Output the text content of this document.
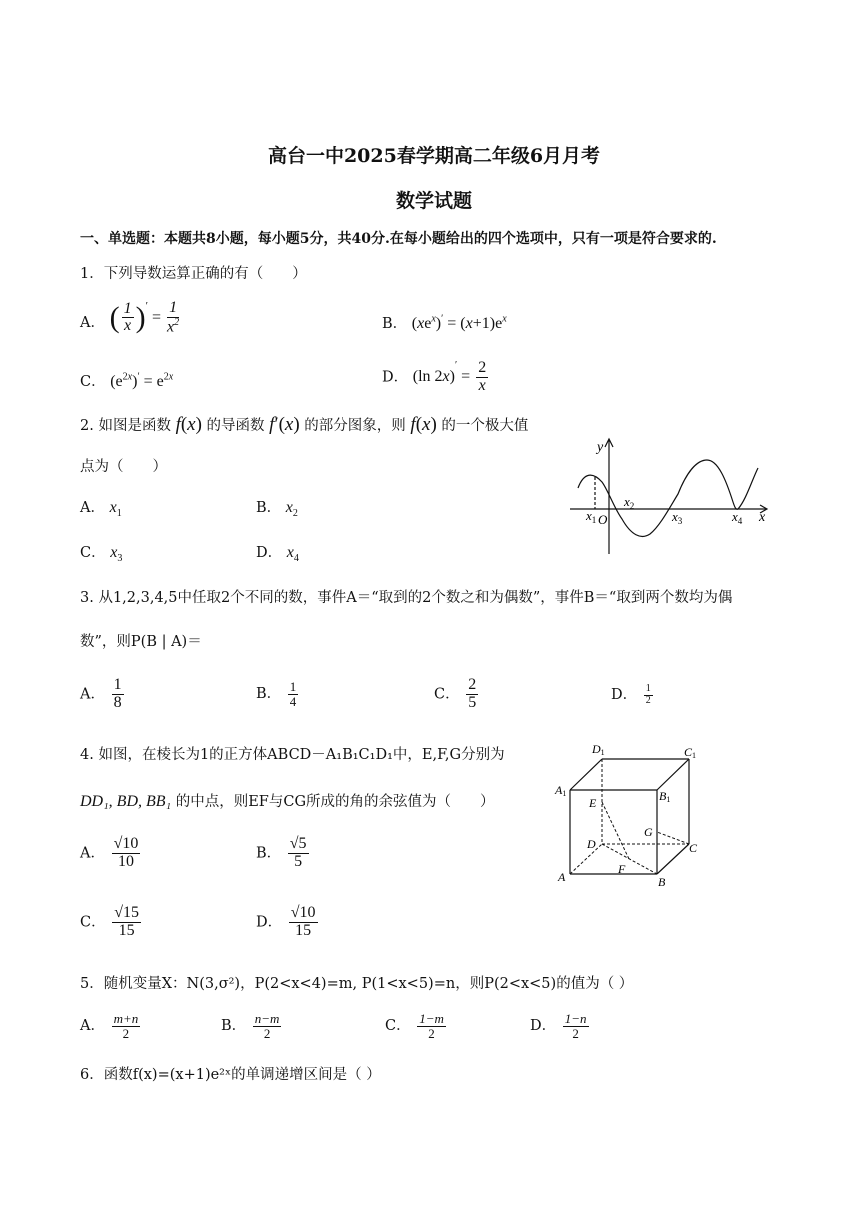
高台一中2025春学期高二年级6月月考
数学试题
一、单选题：本题共8小题，每小题5分，共40分.在每小题给出的四个选项中，只有一项是符合要求的.
1．下列导数运算正确的有（　　）
A． ( $\frac{1}{x} )'$
= $\frac{1}{x^2}$	B． $(xe^x)' = (x+1)e^x$
C． $(e^{2x})' = e^{2x}$	D． (ln 2 x )
′
= $\frac{2}{x}$
2. 如图是函数 f(x) 的导函数 f′(x) 的部分图象，则 f(x) 的一个极大值
点为（　　）
A． $x_1$	B． $x_2$
C． $x_3$	D． $x_4$
y
x
O
$x_1$
$x_2$
$x_3$	$x_4$
3. 从1,2,3,4,5中任取2个不同的数，事件A＝“取到的2个数之和为偶数”，事件B＝“取到两个数均为偶
数”，则P(B | A)＝
A． $\frac{1}{8}$	B． $\frac{1}{4}$	C． $\frac{2}{5}$	D． $\frac{1}{2}$
4. 如图，在棱长为1的正方体ABCD－A₁B₁C₁D₁中，E,F,G分别为
DD₁, BD, BB₁ 的中点，则EF与CG所成的角的余弦值为（　　）
A． $\frac{√10}{10}$	B． $\frac{√5}{5}$
C． $\frac{√15}{15}$	D． $\frac{√10}{15}$
D1	C1
A1	B1
E
G
D	C
A
F
B
5．随机变量X：N(3,σ²)，P(2<x<4)=m, P(1<x<5)=n，则P(2<x<5)的值为（ ）
A． $\frac{m+n}{2}$	B． $\frac{n-m}{2}$	C． $\frac{1-m}{2}$	D． $\frac{1-n}{2}$
6．函数f(x)=(x+1)e²ˣ的单调递增区间是（ ）
